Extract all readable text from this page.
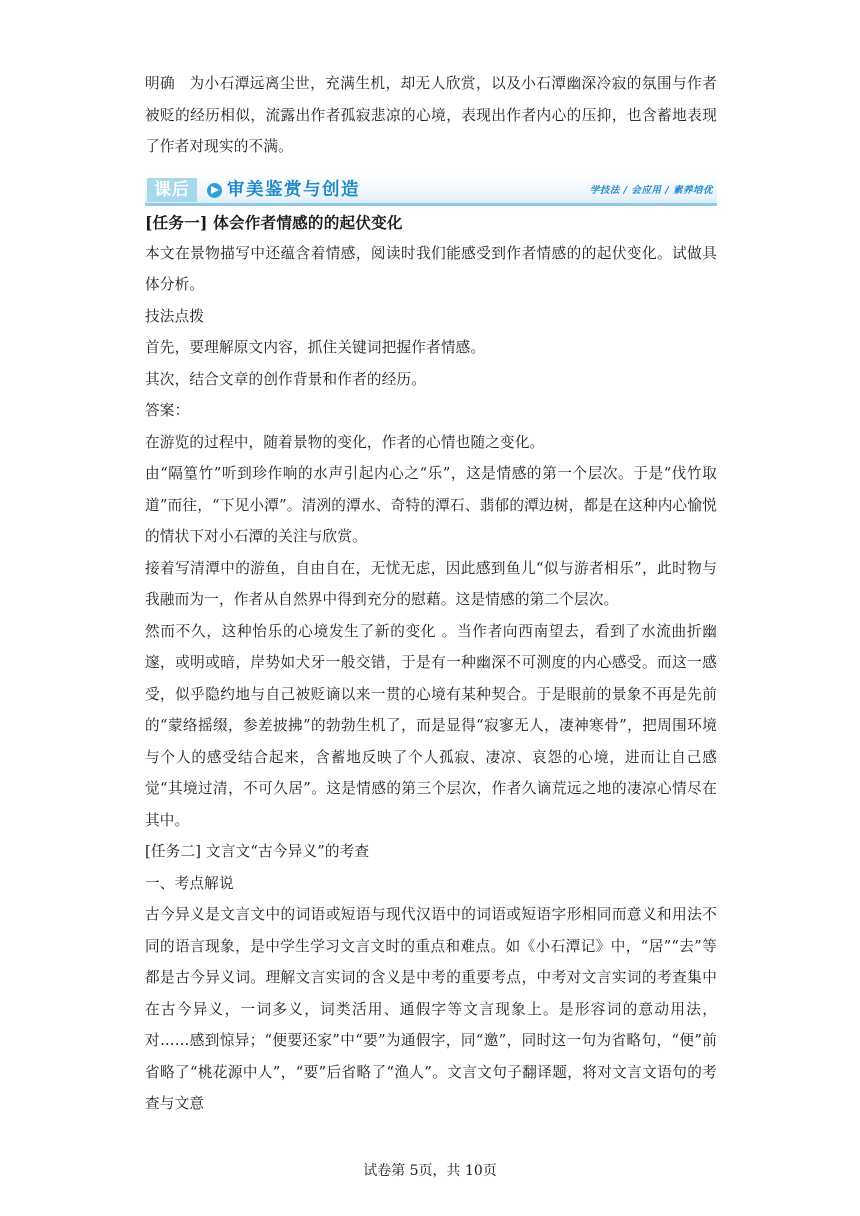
明确 为小石潭远离尘世，充满生机，却无人欣赏，以及小石潭幽深冷寂的氛围与作者被贬的经历相似，流露出作者孤寂悲凉的心境，表现出作者内心的压抑，也含蓄地表现了作者对现实的不满。

课后	审美鉴赏与创造	学技法 / 会应用 / 素养培优

[任务一] 体会作者情感的的起伏变化

本文在景物描写中还蕴含着情感，阅读时我们能感受到作者情感的的起伏变化。试做具体分析。

技法点拨

首先，要理解原文内容，抓住关键词把握作者情感。

其次，结合文章的创作背景和作者的经历。

答案：

在游览的过程中，随着景物的变化，作者的心情也随之变化。

由“隔篁竹”听到珍作响的水声引起内心之“乐”，这是情感的第一个层次。于是“伐竹取道”而往，“下见小潭”。清冽的潭水、奇特的潭石、翡郁的潭边树，都是在这种内心愉悦的情状下对小石潭的关注与欣赏。

接着写清潭中的游鱼，自由自在，无忧无虑，因此感到鱼儿“似与游者相乐”，此时物与我融而为一，作者从自然界中得到充分的慰藉。这是情感的第二个层次。

然而不久，这种怡乐的心境发生了新的变化 。当作者向西南望去，看到了水流曲折幽邃，或明或暗，岸势如犬牙一般交错，于是有一种幽深不可测度的内心感受。而这一感受，似乎隐约地与自己被贬谪以来一贯的心境有某种契合。于是眼前的景象不再是先前的“蒙络摇缀，参差披拂”的勃勃生机了，而是显得“寂寥无人，凄神寒骨”，把周围环境与个人的感受结合起来，含蓄地反映了个人孤寂、凄凉、哀怨的心境，进而让自己感觉“其境过清，不可久居”。这是情感的第三个层次，作者久谪荒远之地的凄凉心情尽在其中。

[任务二] 文言文“古今异义”的考查

一、考点解说

古今异义是文言文中的词语或短语与现代汉语中的词语或短语字形相同而意义和用法不同的语言现象，是中学生学习文言文时的重点和难点。如《小石潭记》中，“居”“去”等都是古今异义词。理解文言实词的含义是中考的重要考点，中考对文言实词的考查集中在古今异义，一词多义，词类活用、通假字等文言现象上。是形容词的意动用法，对……感到惊异；“便要还家”中“要”为通假字，同“邀”，同时这一句为省略句，“便”前省略了“桃花源中人”，“要”后省略了“渔人”。文言文句子翻译题，将对文言文语句的考查与文意

试卷第 5页，共 10页
